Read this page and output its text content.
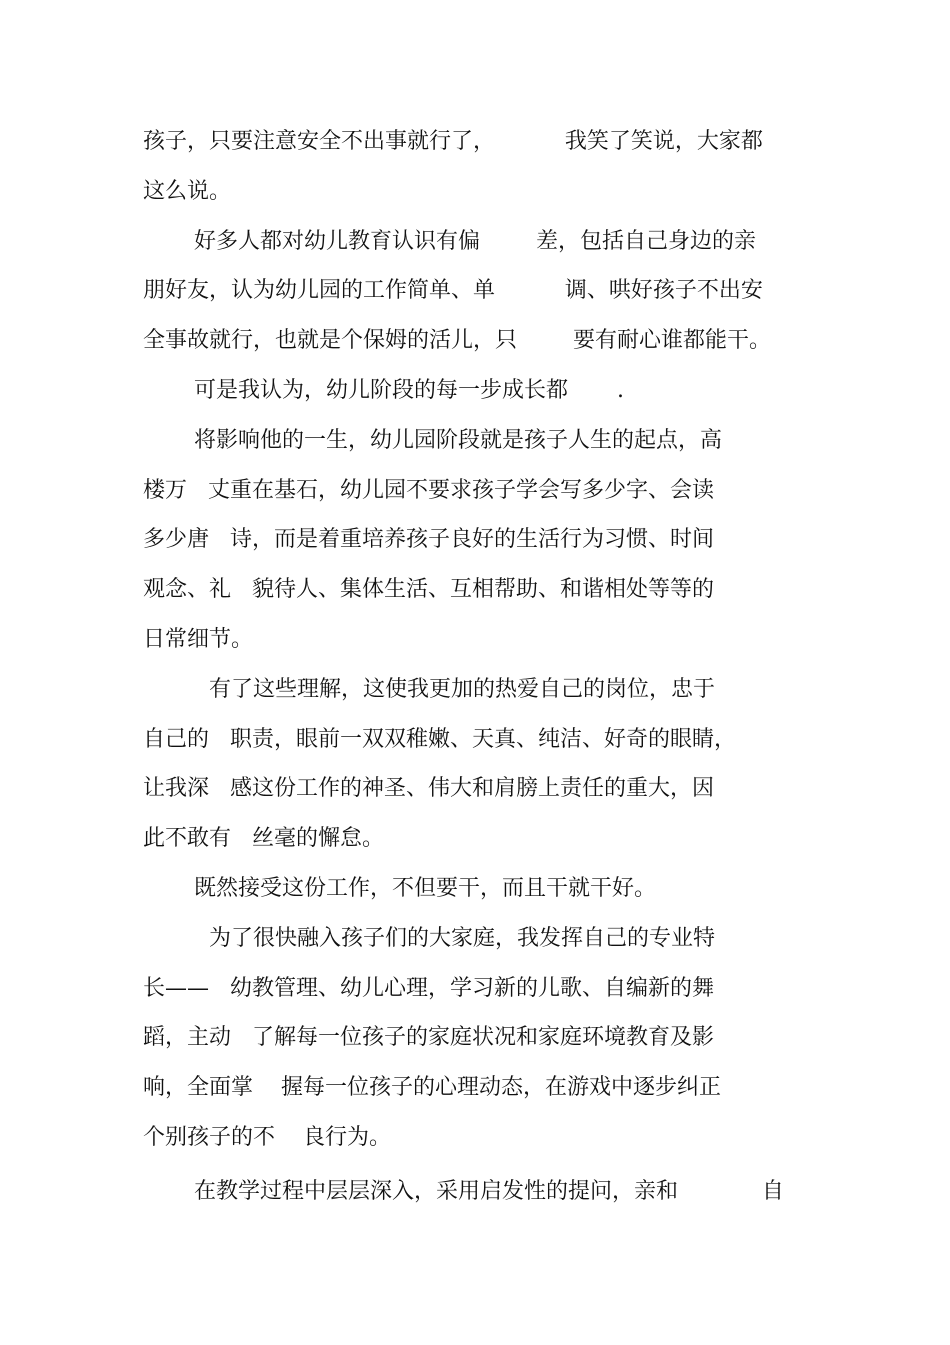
孩子，只要注意安全不出事就行了，          我笑了笑说，大家都

这么说。

好多人都对幼儿教育认识有偏        差，包括自己身边的亲

朋好友，认为幼儿园的工作简单、单          调、哄好孩子不出安

全事故就行，也就是个保姆的活儿，只        要有耐心谁都能干。

可是我认为，幼儿阶段的每一步成长都       .

将影响他的一生，幼儿园阶段就是孩子人生的起点，高

楼万   丈重在基石，幼儿园不要求孩子学会写多少字、会读

多少唐   诗，而是着重培养孩子良好的生活行为习惯、时间

观念、礼   貌待人、集体生活、互相帮助、和谐相处等等的

日常细节。

有了这些理解，这使我更加的热爱自己的岗位，忠于

自己的   职责，眼前一双双稚嫩、天真、纯洁、好奇的眼睛，

让我深   感这份工作的神圣、伟大和肩膀上责任的重大，因

此不敢有   丝毫的懈怠。

既然接受这份工作，不但要干，而且干就干好。

为了很快融入孩子们的大家庭，我发挥自己的专业特

长——   幼教管理、幼儿心理，学习新的儿歌、自编新的舞

蹈，主动   了解每一位孩子的家庭状况和家庭环境教育及影

响，全面掌    握每一位孩子的心理动态，在游戏中逐步纠正

个别孩子的不    良行为。

在教学过程中层层深入，采用启发性的提问，亲和            自
